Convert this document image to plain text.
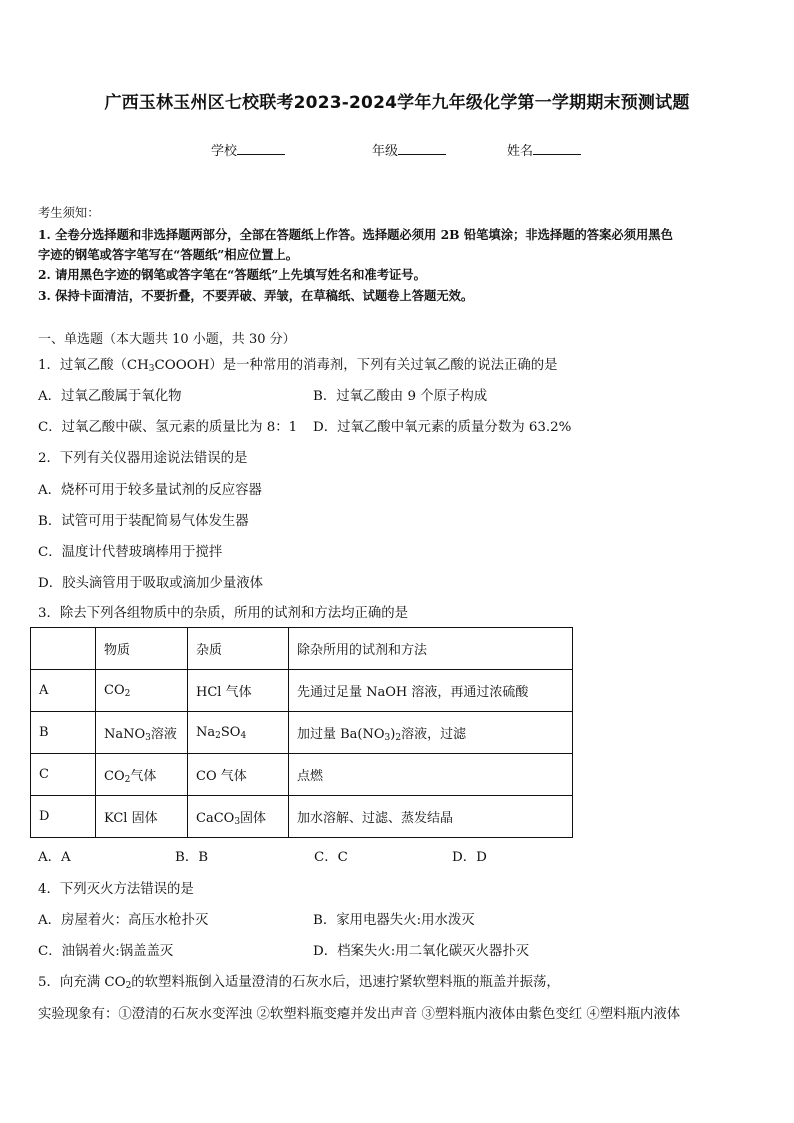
广西玉林玉州区七校联考2023-2024学年九年级化学第一学期期末预测试题
学校	年级	姓名
考生须知：
1. 全卷分选择题和非选择题两部分，全部在答题纸上作答。选择题必须用 2B 铅笔填涂；非选择题的答案必须用黑色
字迹的钢笔或答字笔写在“答题纸”相应位置上。
2. 请用黑色字迹的钢笔或答字笔在“答题纸”上先填写姓名和准考证号。
3. 保持卡面清洁，不要折叠，不要弄破、弄皱，在草稿纸、试题卷上答题无效。
一、单选题（本大题共 10 小题，共 30 分）
1．过氧乙酸$(CH_3COOOH)$是一种常用的消毒剂，下列有关过氧乙酸的说法正确的是
A．过氧乙酸属于氧化物	B．过氧乙酸由 9 个原子构成
C．过氧乙酸中碳、氢元素的质量比为 8：1 D．过氧乙酸中氧元素的质量分数为 63.2%
2．下列有关仪器用途说法错误的是
A．烧杯可用于较多量试剂的反应容器
B．试管可用于装配简易气体发生器
C．温度计代替玻璃棒用于搅拌
D．胶头滴管用于吸取或滴加少量液体
3．除去下列各组物质中的杂质，所用的试剂和方法均正确的是
	物质	杂质	除杂所用的试剂和方法
A	$CO_2$	HCl 气体	先通过足量 NaOH 溶液，再通过浓硫酸
B	NaNO$_3$溶液	$Na_2SO_4$	加过量 $Ba(NO_3)_2$溶液，过滤
C	$CO_2$气体	CO 气体	点燃
D	KCl 固体	CaCO$_3$固体	加水溶解、过滤、蒸发结晶
A．A	B．B	C．C	D．D
4．下列灭火方法错误的是
A．房屋着火：高压水枪扑灭	B．家用电器失火:用水泼灭
C．油锅着火:锅盖盖灭	D．档案失火:用二氧化碳灭火器扑灭
5．向充满 $CO_2$的软塑料瓶倒入适量澄清的石灰水后，迅速拧紧软塑料瓶的瓶盖并振荡，
实验现象有：①澄清的石灰水变浑浊 ②软塑料瓶变瘪并发出声音 ③塑料瓶内液体由紫色变红 ④塑料瓶内液体
